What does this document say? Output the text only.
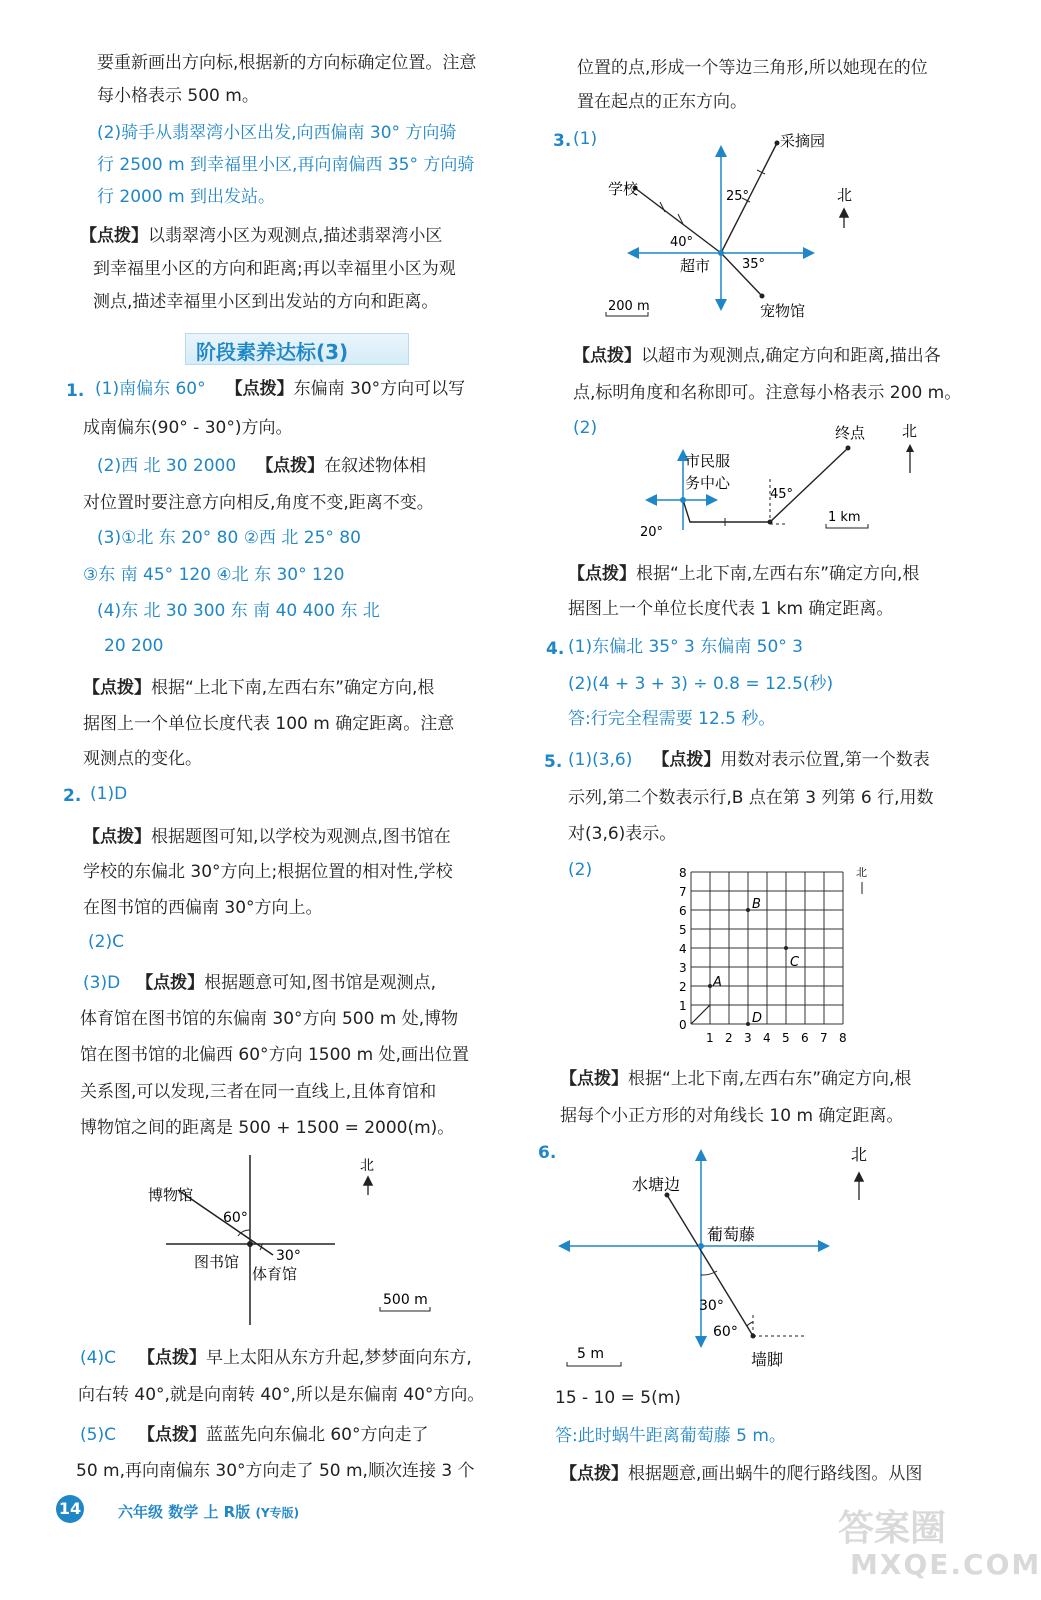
要重新画出方向标,根据新的方向标确定位置。注意
每小格表示 500 m。
(2)骑手从翡翠湾小区出发,向西偏南 30° 方向骑
行 2500 m 到幸福里小区,再向南偏西 35° 方向骑
行 2000 m 到出发站。
【点拨】以翡翠湾小区为观测点,描述翡翠湾小区
到幸福里小区的方向和距离;再以幸福里小区为观
测点,描述幸福里小区到出发站的方向和距离。
阶段素养达标(3)
1. (1)南偏东 60° 【点拨】东偏南 30°方向可以写
成南偏东(90° - 30°)方向。
(2)西 北 30 2000 【点拨】在叙述物体相
对位置时要注意方向相反,角度不变,距离不变。
(3)①北 东 20° 80 ②西 北 25° 80
③东 南 45° 120 ④北 东 30° 120
(4)东 北 30 300 东 南 40 400 东 北
20 200
【点拨】根据“上北下南,左西右东”确定方向,根
据图上一个单位长度代表 100 m 确定距离。注意
观测点的变化。
2. (1)D
【点拨】根据题图可知,以学校为观测点,图书馆在
学校的东偏北 30°方向上;根据位置的相对性,学校
在图书馆的西偏南 30°方向上。
(2)C
(3)D 【点拨】根据题意可知,图书馆是观测点,
体育馆在图书馆的东偏南 30°方向 500 m 处,博物
馆在图书馆的北偏西 60°方向 1500 m 处,画出位置
关系图,可以发现,三者在同一直线上,且体育馆和
博物馆之间的距离是 500 + 1500 = 2000(m)。
博物馆
60°
30°
图书馆
体育馆
北
500 m
(4)C 【点拨】早上太阳从东方升起,梦梦面向东方,
向右转 40°,就是向南转 40°,所以是东偏南 40°方向。
(5)C 【点拨】蓝蓝先向东偏北 60°方向走了
50 m,再向南偏东 30°方向走了 50 m,顺次连接 3 个
位置的点,形成一个等边三角形,所以她现在的位
置在起点的正东方向。
3. (1)
学校
采摘园
25°
40°
35°
超市
宠物馆
北
200 m
【点拨】以超市为观测点,确定方向和距离,描出各
点,标明角度和名称即可。注意每小格表示 200 m。
(2)	终点 北
市民服
务中心
45°
20°
1 km
【点拨】根据“上北下南,左西右东”确定方向,根
据图上一个单位长度代表 1 km 确定距离。
4. (1)东偏北 35° 3 东偏南 50° 3
(2)(4 + 3 + 3) ÷ 0.8 = 12.5(秒)
答:行完全程需要 12.5 秒。
5. (1)(3,6) 【点拨】用数对表示位置,第一个数表
示列,第二个数表示行,B 点在第 3 列第 6 行,用数
对(3,6)表示。
(2)
B
C
A
D
8
7
6
5
4
3
2
1
0
1 2 3 4 5 6 7 8
北
【点拨】根据“上北下南,左西右东”确定方向,根
据每个小正方形的对角线长 10 m 确定距离。
6.
水塘边
葡萄藤
30°
60°
墙脚
北
5 m
15 - 10 = 5(m)
答:此时蜗牛距离葡萄藤 5 m。
【点拨】根据题意,画出蜗牛的爬行路线图。从图
14 六年级 数学 上 R版 (Y专版)	答案圈
MXQE.COM
